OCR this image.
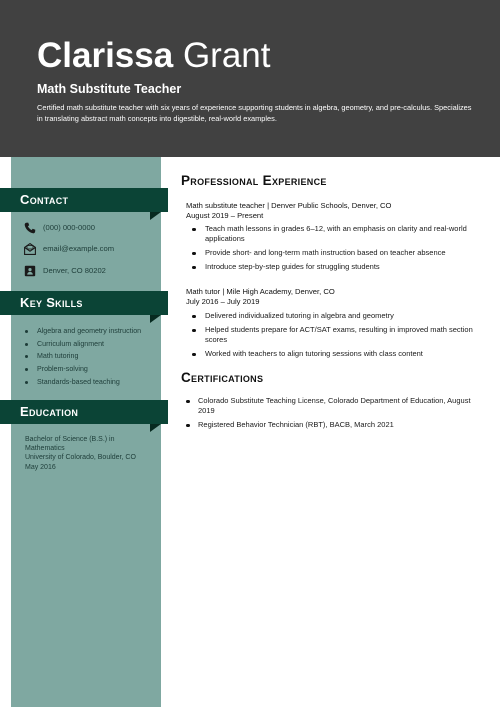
Clarissa Grant
Math Substitute Teacher
Certified math substitute teacher with six years of experience supporting students in algebra, geometry, and pre-calculus. Specializes in translating abstract math concepts into digestible, real-world examples.
Contact
(000) 000-0000
email@example.com
Denver, CO 80202
Key Skills
Algebra and geometry instruction
Curriculum alignment
Math tutoring
Problem-solving
Standards-based teaching
Education
Bachelor of Science (B.S.) in Mathematics
University of Colorado, Boulder, CO
May 2016
Professional Experience
Math substitute teacher | Denver Public Schools, Denver, CO
August 2019 – Present
Teach math lessons in grades 6–12, with an emphasis on clarity and real-world applications
Provide short- and long-term math instruction based on teacher absence
Introduce step-by-step guides for struggling students
Math tutor | Mile High Academy, Denver, CO
July 2016 – July 2019
Delivered individualized tutoring in algebra and geometry
Helped students prepare for ACT/SAT exams, resulting in improved math section scores
Worked with teachers to align tutoring sessions with class content
Certifications
Colorado Substitute Teaching License, Colorado Department of Education, August 2019
Registered Behavior Technician (RBT), BACB, March 2021
